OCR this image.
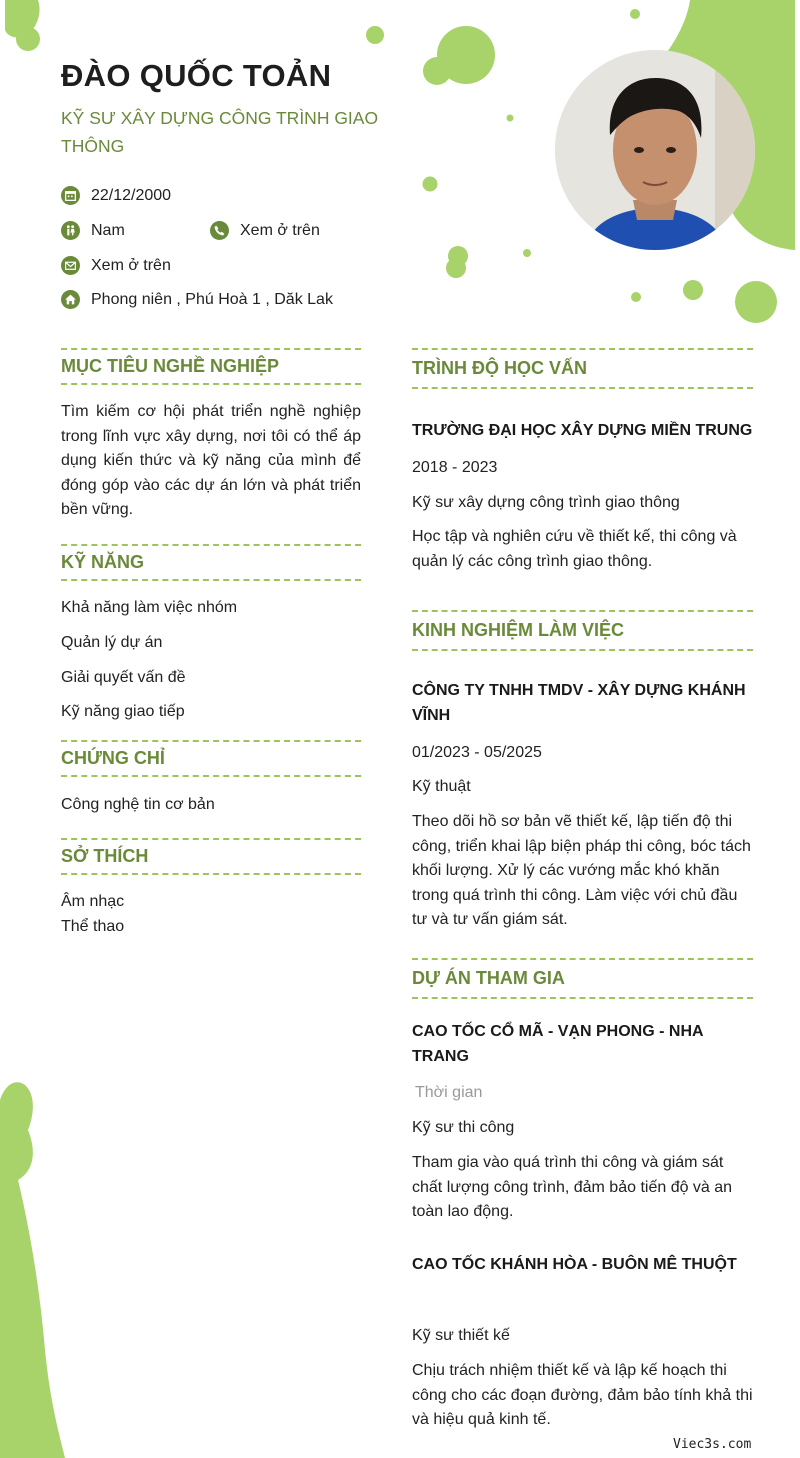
ĐÀO QUỐC TOẢN
KỸ SƯ XÂY DỰNG CÔNG TRÌNH GIAO THÔNG
22/12/2000
Nam	Xem ở trên
Xem ở trên
Phong niên , Phú Hoà 1 , Dăk Lak
MỤC TIÊU NGHỀ NGHIỆP
Tìm kiếm cơ hội phát triển nghề nghiệp trong lĩnh vực xây dựng, nơi tôi có thể áp dụng kiến thức và kỹ năng của mình để đóng góp vào các dự án lớn và phát triển bền vững.
KỸ NĂNG
Khả năng làm việc nhóm
Quản lý dự án
Giải quyết vấn đề
Kỹ năng giao tiếp
CHỨNG CHỈ
Công nghệ tin cơ bản
SỞ THÍCH
Âm nhạc
Thể thao
TRÌNH ĐỘ HỌC VẤN
TRƯỜNG ĐẠI HỌC XÂY DỰNG MIỀN TRUNG
2018 - 2023
Kỹ sư xây dựng công trình giao thông
Học tập và nghiên cứu về thiết kế, thi công và quản lý các công trình giao thông.
KINH NGHIỆM LÀM VIỆC
CÔNG TY TNHH TMDV - XÂY DỰNG KHÁNH VĨNH
01/2023 - 05/2025
Kỹ thuật
Theo dõi hồ sơ bản vẽ thiết kế, lập tiến độ thi công, triển khai lập biện pháp thi công, bóc tách khối lượng. Xử lý các vướng mắc khó khăn trong quá trình thi công. Làm việc với chủ đầu tư và tư vấn giám sát.
DỰ ÁN THAM GIA
CAO TỐC CỔ MÃ - VẠN PHONG - NHA TRANG
Thời gian
Kỹ sư thi công
Tham gia vào quá trình thi công và giám sát chất lượng công trình, đảm bảo tiến độ và an toàn lao động.
CAO TỐC KHÁNH HÒA - BUÔN MÊ THUỘT
Kỹ sư thiết kế
Chịu trách nhiệm thiết kế và lập kế hoạch thi công cho các đoạn đường, đảm bảo tính khả thi và hiệu quả kinh tế.
Viec3s.com
